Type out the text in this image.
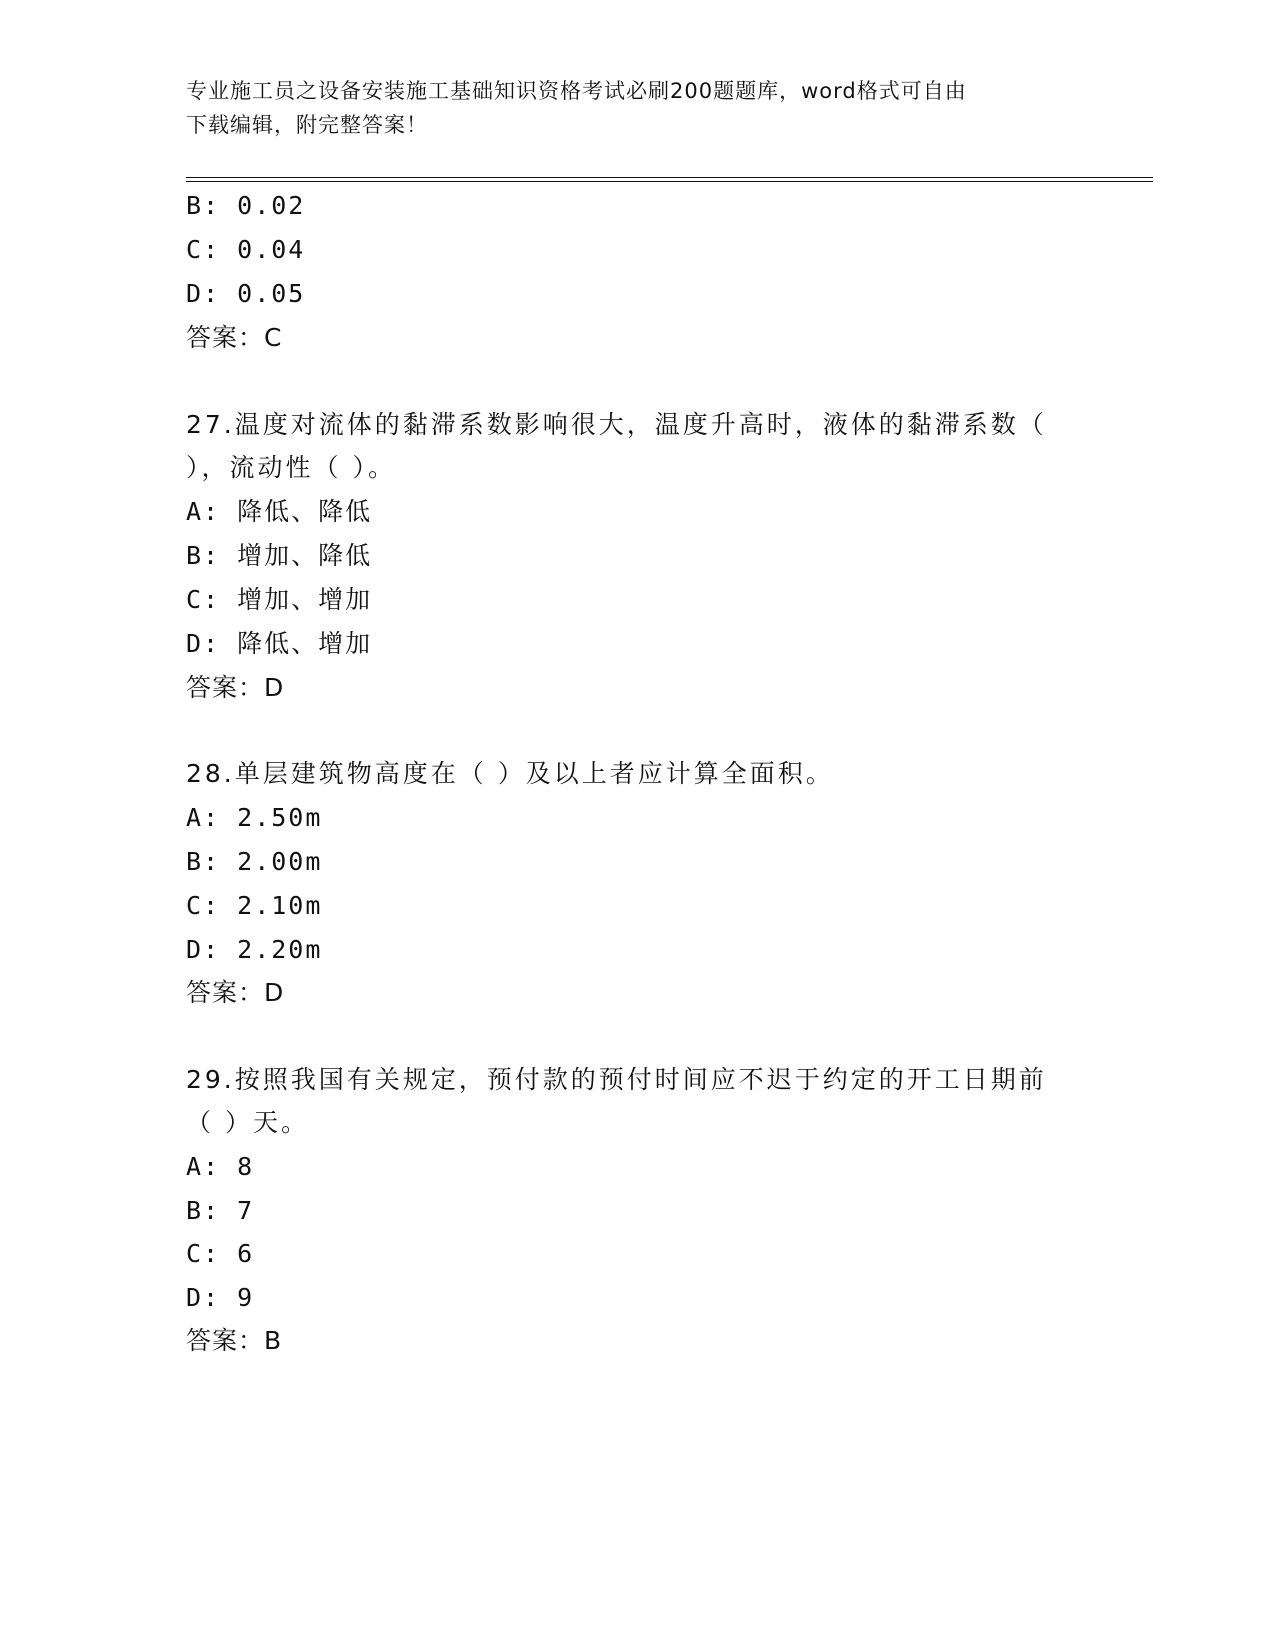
专业施工员之设备安装施工基础知识资格考试必刷200题题库，word格式可自由
下载编辑，附完整答案！
B: 0.02
C: 0.04
D: 0.05
答案：C
27.温度对流体的黏滞系数影响很大，温度升高时，液体的黏滞系数（
），流动性（ ）。
A: 降低、降低
B: 增加、降低
C: 增加、增加
D: 降低、增加
答案：D
28.单层建筑物高度在（ ）及以上者应计算全面积。
A: 2.50m
B: 2.00m
C: 2.10m
D: 2.20m
答案：D
29.按照我国有关规定，预付款的预付时间应不迟于约定的开工日期前
（ ）天。
A: 8
B: 7
C: 6
D: 9
答案：B
